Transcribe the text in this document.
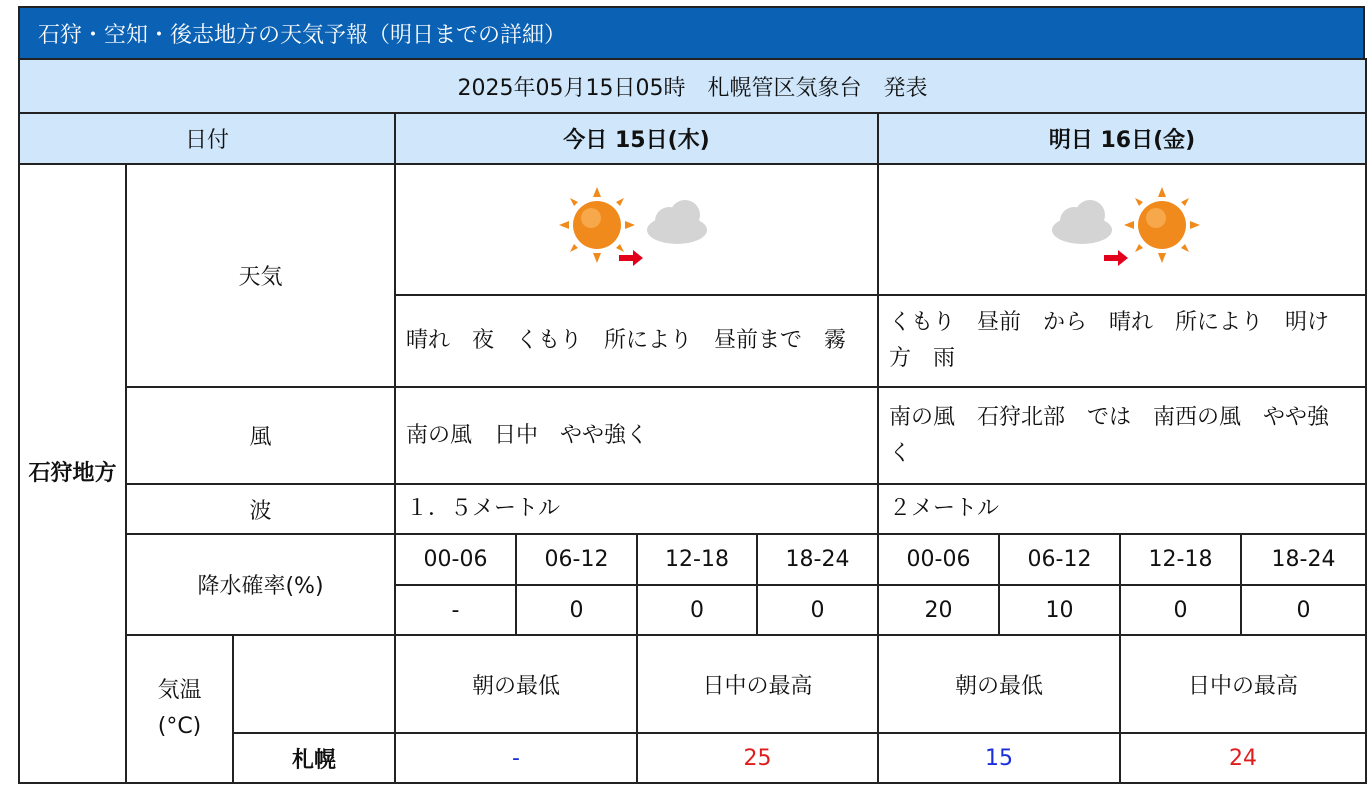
石狩・空知・後志地方の天気予報（明日までの詳細）
2025年05月15日05時　札幌管区気象台　発表										
日付			今日 15日(木)				明日 16日(金)			
石狩地方	天気	

			晴れ　夜　くもり　所により　昼前まで　霧				くもり　昼前　から　晴れ　所により　明け方　雨			
	風		南の風　日中　やや強く				南の風　石狩北部　では　南西の風　やや強く			
	波		１．５メートル				２メートル			
	降水確率(%)		00-06	06-12	12-18	18-24	00-06	06-12	12-18	18-24
			-	0	0	0	20	10	0	0
	気温
(°C)		朝の最低		日中の最高		朝の最低		日中の最高	
		札幌	-		25		15		24	
